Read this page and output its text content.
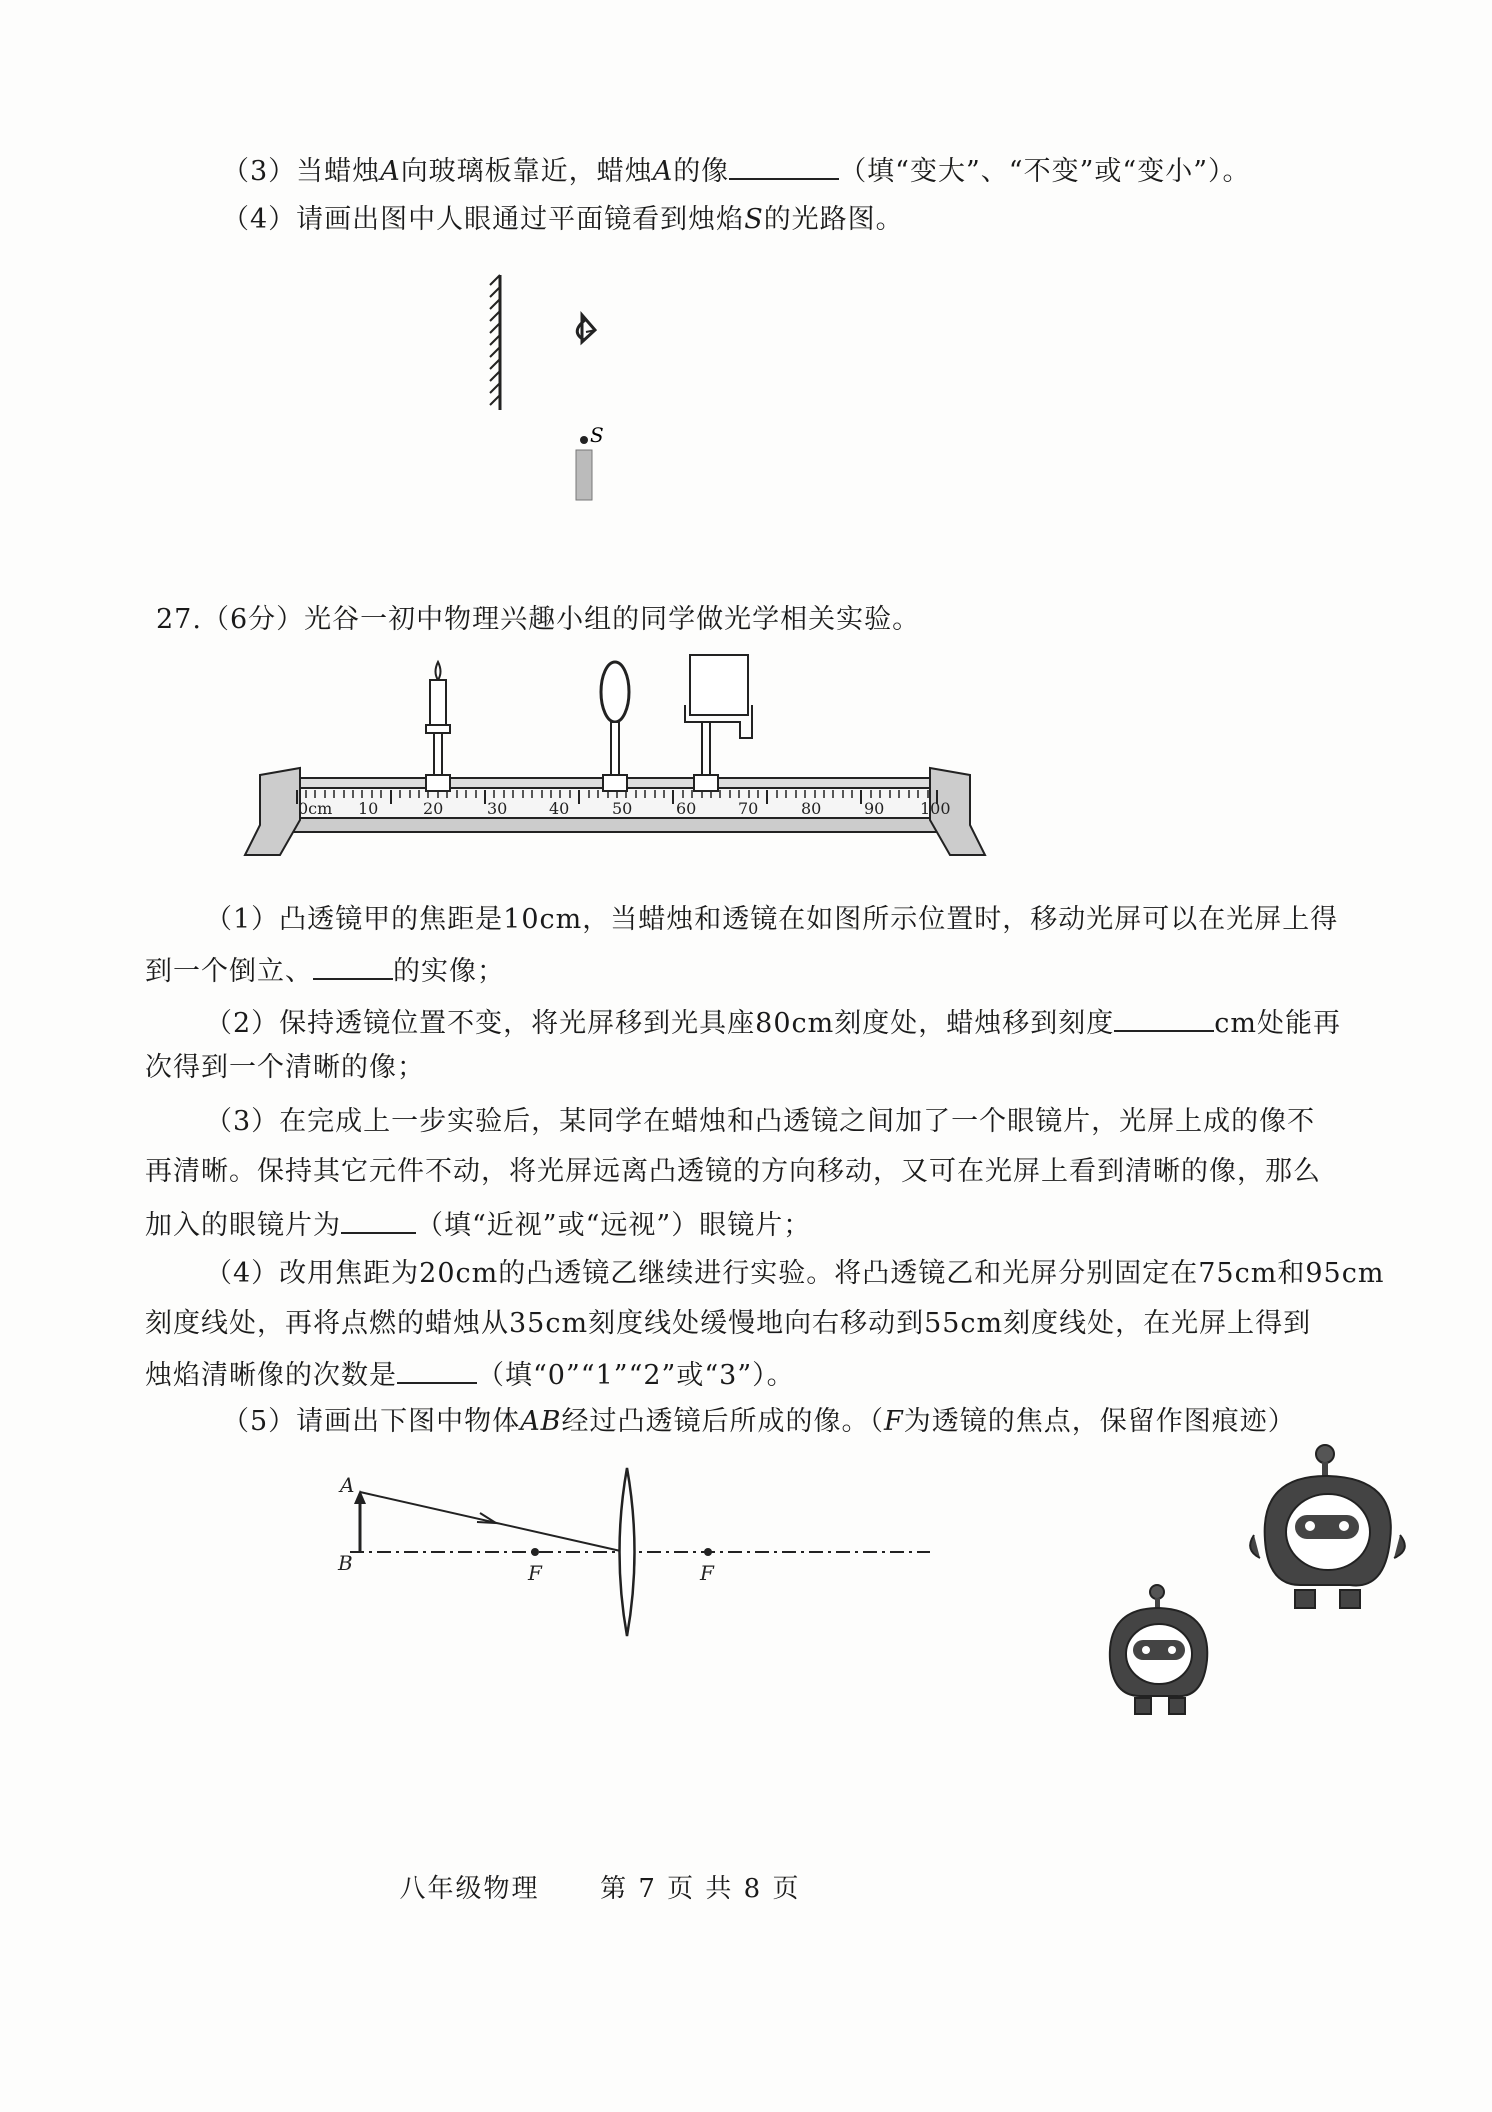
（3）当蜡烛A向玻璃板靠近，蜡烛A的像	（填“变大”、“不变”或“变小”）。
（4）请画出图中人眼通过平面镜看到烛焰S的光路图。
S
27.（6分）光谷一初中物理兴趣小组的同学做光学相关实验。
0cm 10	20	30	40	50	60	70	80	90 100
（1）凸透镜甲的焦距是10cm，当蜡烛和透镜在如图所示位置时，移动光屏可以在光屏上得
到一个倒立、	的实像；
（2）保持透镜位置不变，将光屏移到光具座80cm刻度处，蜡烛移到刻度	cm处能再
次得到一个清晰的像；
（3）在完成上一步实验后，某同学在蜡烛和凸透镜之间加了一个眼镜片，光屏上成的像不
再清晰。保持其它元件不动，将光屏远离凸透镜的方向移动，又可在光屏上看到清晰的像，那么
加入的眼镜片为	（填“近视”或“远视”）眼镜片；
（4）改用焦距为20cm的凸透镜乙继续进行实验。将凸透镜乙和光屏分别固定在75cm和95cm
刻度线处，再将点燃的蜡烛从35cm刻度线处缓慢地向右移动到55cm刻度线处，在光屏上得到
烛焰清晰像的次数是	（填“0”“1”“2”或“3”）。
（5）请画出下图中物体AB经过凸透镜后所成的像。（F为透镜的焦点，保留作图痕迹）
A
B	F	F
八年级物理 第 7 页 共 8 页
